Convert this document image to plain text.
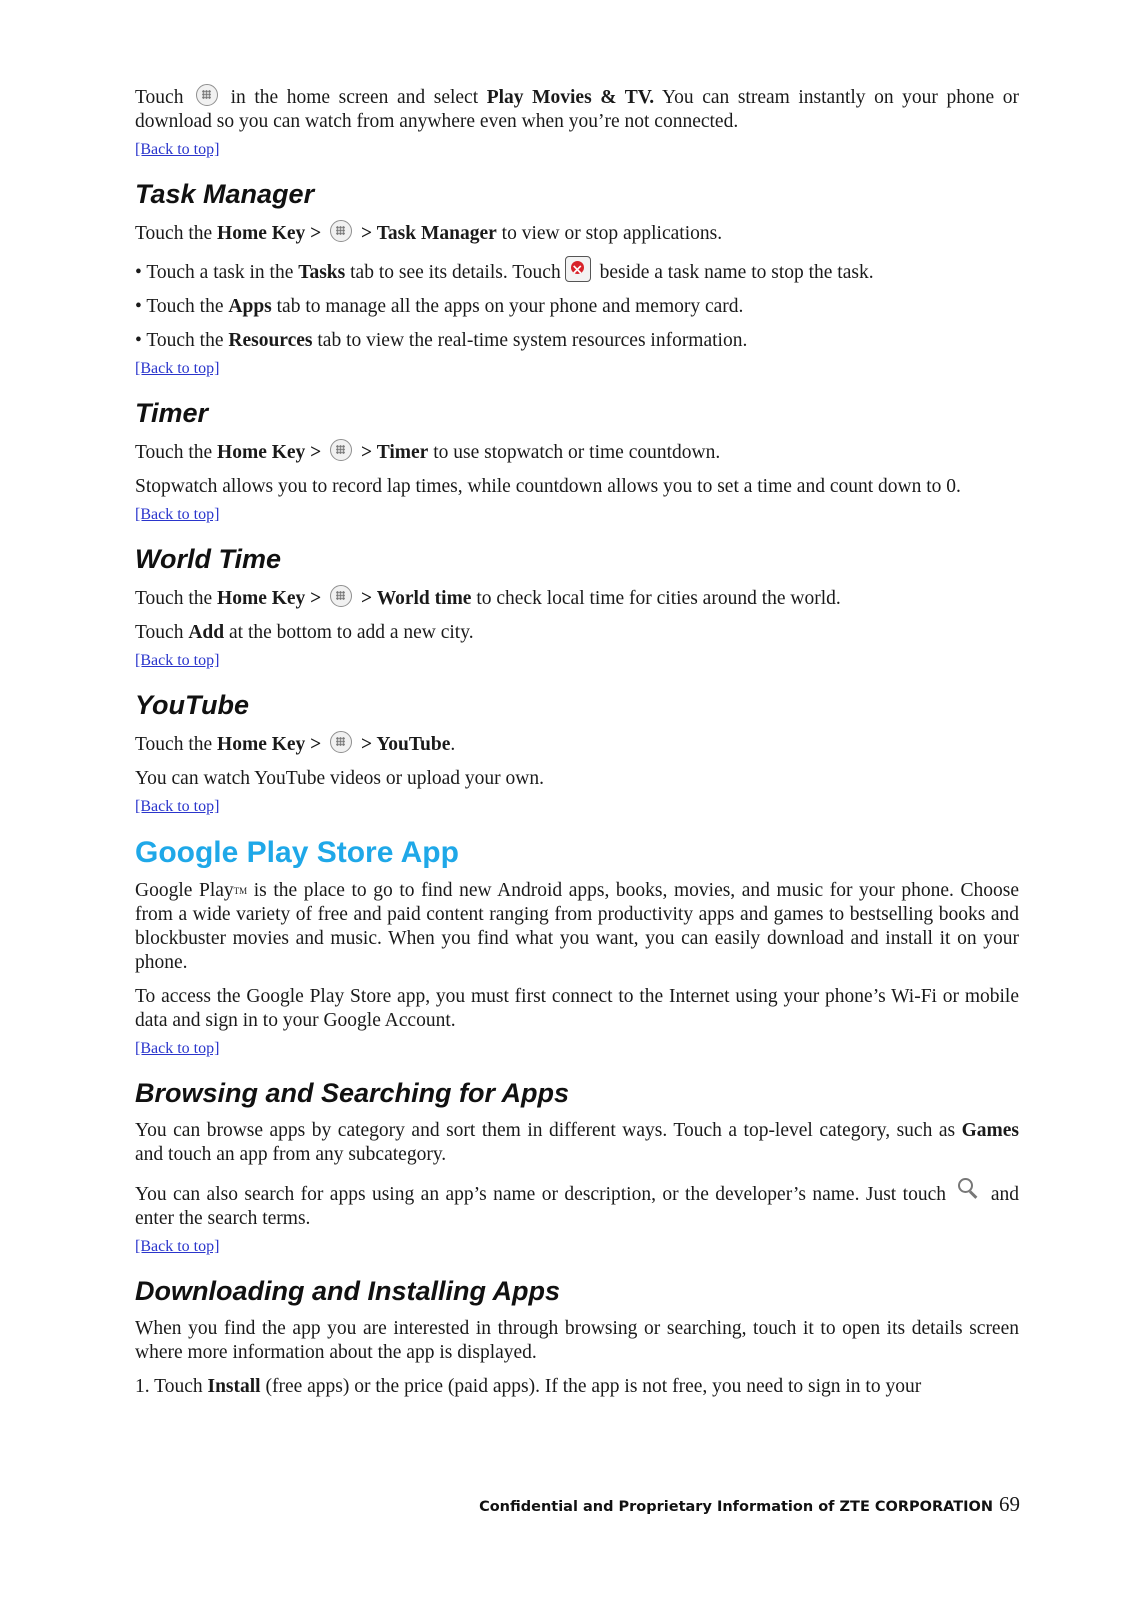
Touch  in the home screen and select Play Movies & TV. You can stream instantly on your phone or download so you can watch from anywhere even when you’re not connected.

[Back to top]
Task Manager

Touch the Home Key >  > Task Manager to view or stop applications.

• Touch a task in the Tasks tab to see its details. Touch× beside a task name to stop the task.

• Touch the Apps tab to manage all the apps on your phone and memory card.

• Touch the Resources tab to view the real-time system resources information.

[Back to top]
Timer

Touch the Home Key >  > Timer to use stopwatch or time countdown.

Stopwatch allows you to record lap times, while countdown allows you to set a time and count down to 0.

[Back to top]
World Time

Touch the Home Key >  > World time to check local time for cities around the world.

Touch Add at the bottom to add a new city.

[Back to top]
YouTube

Touch the Home Key >  > YouTube.

You can watch YouTube videos or upload your own.

[Back to top]
Google Play Store App

Google PlayTM is the place to go to find new Android apps, books, movies, and music for your phone. Choose from a wide variety of free and paid content ranging from productivity apps and games to bestselling books and blockbuster movies and music. When you find what you want, you can easily download and install it on your phone.

To access the Google Play Store app, you must first connect to the Internet using your phone’s Wi-Fi or mobile data and sign in to your Google Account.

[Back to top]
Browsing and Searching for Apps

You can browse apps by category and sort them in different ways. Touch a top-level category, such as Games and touch an app from any subcategory.

You can also search for apps using an app’s name or description, or the developer’s name. Just touch  and enter the search terms.

[Back to top]
Downloading and Installing Apps

When you find the app you are interested in through browsing or searching, touch it to open its details screen where more information about the app is displayed.

1. Touch Install (free apps) or the price (paid apps). If the app is not free, you need to sign in to your

Confidential and Proprietary Information of ZTE CORPORATION 69
